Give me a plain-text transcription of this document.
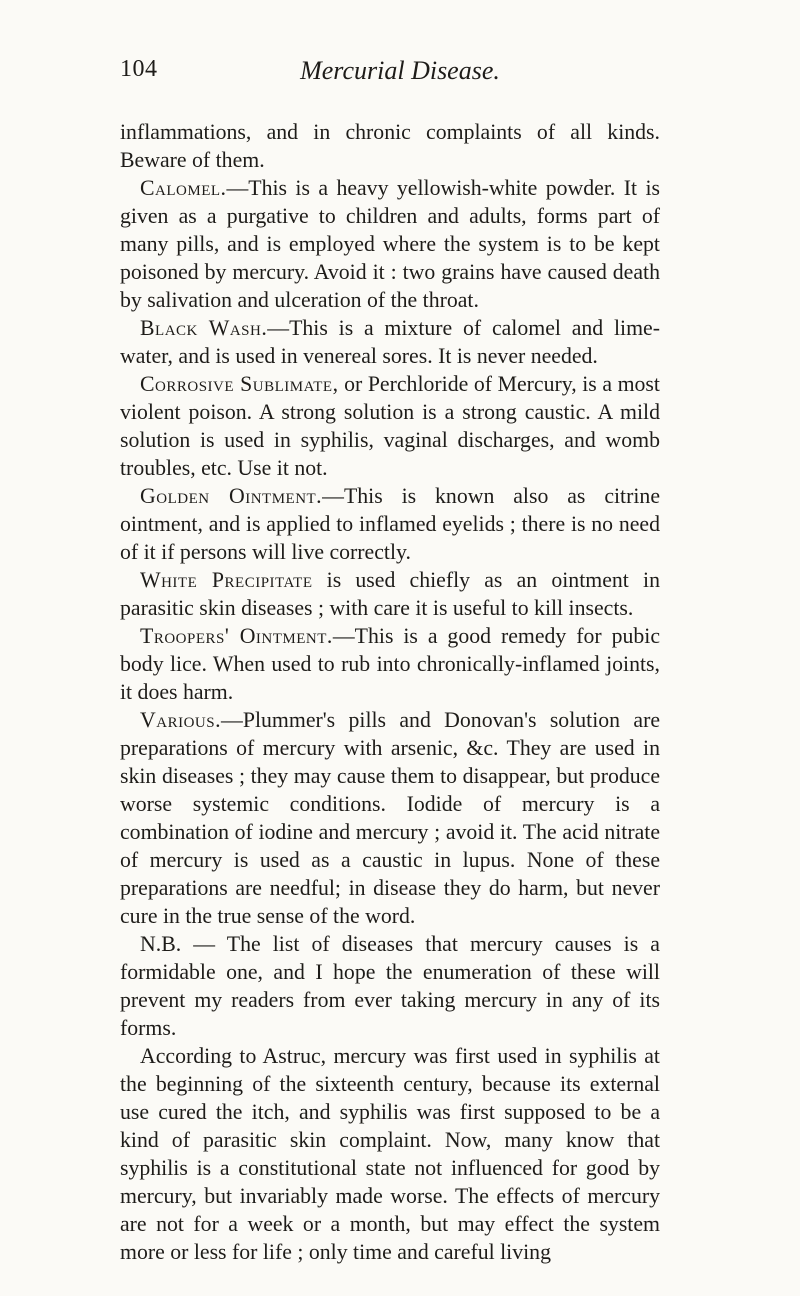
104	Mercurial Disease.

inflammations, and in chronic complaints of all kinds. Beware of them.

Calomel.—This is a heavy yellowish-white powder. It is given as a purgative to children and adults, forms part of many pills, and is employed where the system is to be kept poisoned by mercury. Avoid it : two grains have caused death by salivation and ulceration of the throat.

Black Wash.—This is a mixture of calomel and lime-water, and is used in venereal sores. It is never needed.

Corrosive Sublimate, or Perchloride of Mercury, is a most violent poison. A strong solution is a strong caustic. A mild solution is used in syphilis, vaginal discharges, and womb troubles, etc. Use it not.

Golden Ointment.—This is known also as citrine ointment, and is applied to inflamed eyelids ; there is no need of it if persons will live correctly.

White Precipitate is used chiefly as an ointment in parasitic skin diseases ; with care it is useful to kill insects.

Troopers' Ointment.—This is a good remedy for pubic body lice. When used to rub into chronically-inflamed joints, it does harm.

Various.—Plummer's pills and Donovan's solution are preparations of mercury with arsenic, &c. They are used in skin diseases ; they may cause them to disappear, but produce worse systemic conditions. Iodide of mercury is a combination of iodine and mercury ; avoid it. The acid nitrate of mercury is used as a caustic in lupus. None of these preparations are needful; in disease they do harm, but never cure in the true sense of the word.

N.B. — The list of diseases that mercury causes is a formidable one, and I hope the enumeration of these will prevent my readers from ever taking mercury in any of its forms.

According to Astruc, mercury was first used in syphilis at the beginning of the sixteenth century, because its external use cured the itch, and syphilis was first supposed to be a kind of parasitic skin complaint. Now, many know that syphilis is a constitutional state not influenced for good by mercury, but invariably made worse. The effects of mercury are not for a week or a month, but may effect the system more or less for life ; only time and careful living
